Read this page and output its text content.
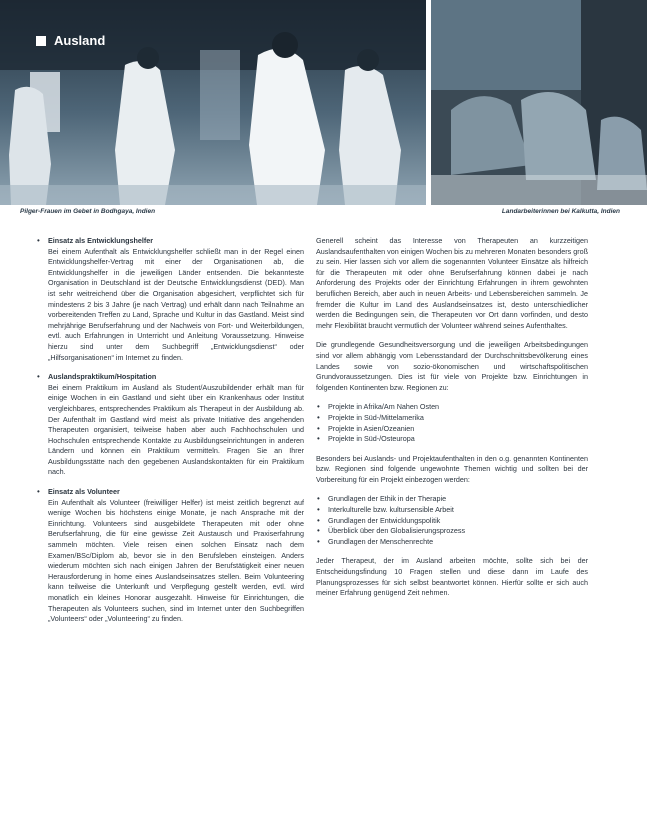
Ausland
Pilger-Frauen im Gebet in Bodhgaya, Indien	Landarbeiterinnen bei Kalkutta, Indien
• Einsatz als Entwicklungshelfer
Bei einem Aufenthalt als Entwicklungshelfer schließt man in der Regel einen Entwicklungshelfer-Vertrag mit einer der Organisationen ab, die Entwicklungshelfer in die jeweiligen Länder entsenden. Die bekannteste Organisation in Deutschland ist der Deutsche Entwicklungsdienst (DED). Man ist sehr weitreichend über die Organisation abgesichert, verpflichtet sich für mindestens 2 bis 3 Jahre (je nach Vertrag) und erhält dann nach Teilnahme an vorbereitenden Treffen zu Land, Sprache und Kultur in das Gastland. Meist sind mehrjährige Berufserfahrung und der Nachweis von Fort- und Weiterbildungen, evtl. auch Erfahrungen in Unterricht und Anleitung Voraussetzung. Hinweise hierzu sind unter dem Suchbegriff „Entwicklungsdienst“ oder „Hilfsorganisationen“ im Internet zu finden.
• Auslandspraktikum/Hospitation
Bei einem Praktikum im Ausland als Student/Auszubildender erhält man für einige Wochen in ein Gastland und sieht über ein Krankenhaus oder Institut vergleichbares, entsprechendes Praktikum als Therapeut in der Ausbildung ab. Der Aufenthalt im Gastland wird meist als private Initiative des angehenden Therapeuten organisiert, teilweise haben aber auch Fachhochschulen und Hochschulen entsprechende Kontakte zu Ausbildungseinrichtungen in anderen Ländern und können ein Praktikum vermitteln. Fragen Sie an Ihrer Ausbildungsstätte nach den gegebenen Auslandskontakten für ein Praktikum nach.
• Einsatz als Volunteer
Ein Aufenthalt als Volunteer (freiwilliger Helfer) ist meist zeitlich begrenzt auf wenige Wochen bis höchstens einige Monate, je nach Ansprache mit der Einrichtung. Volunteers sind ausgebildete Therapeuten mit oder ohne Berufserfahrung, die für eine gewisse Zeit Austausch und Praxiserfahrung sammeln möchten. Viele reisen einen solchen Einsatz nach dem Examen/BSc/Diplom ab, bevor sie in den Berufsleben einsteigen. Anders wiederum möchten sich nach einigen Jahren der Berufstätigkeit einer neuen Herausforderung in home eines Auslandseinsatzes stellen. Beim Volunteering kann teilweise die Unterkunft und Verpflegung gestellt werden, evtl. wird monatlich ein kleines Honorar ausgezahlt. Hinweise für Einrichtungen, die Therapeuten als Volunteers suchen, sind im Internet unter den Suchbegriffen „Volunteers“ oder „Volunteering“ zu finden.

Generell scheint das Interesse von Therapeuten an kurzzeitigen Auslandsaufenthalten von einigen Wochen bis zu mehreren Monaten besonders groß zu sein. Hier lassen sich vor allem die sogenannten Volunteer Einsätze als hilfreich für die Therapeuten mit oder ohne Berufserfahrung können dabei je nach Anforderung des Projekts oder der Einrichtung Erfahrungen in ihrem gewohnten beruflichen Bereich, aber auch in neuen Arbeits- und Lebensbereichen sammeln. Je fremder die Kultur im Land des Auslandseinsatzes ist, desto unterschiedlicher werden die Bedingungen sein, die Therapeuten vor Ort dann vorfinden, und desto mehr Flexibilität braucht vermutlich der Volunteer während seines Aufenthaltes.

Die grundlegende Gesundheitsversorgung und die jeweiligen Arbeitsbedingungen sind vor allem abhängig vom Lebensstandard der Durchschnittsbevölkerung eines Landes sowie von sozio-ökonomischen und wirtschaftspolitischen Grundvoraussetzungen. Dies ist für viele von Projekte bzw. Einrichtungen in folgenden Kontinenten bzw. Regionen zu:

• Projekte in Afrika/Am Nahen Osten
• Projekte in Süd-/Mittelamerika
• Projekte in Asien/Ozeanien
• Projekte in Süd-/Osteuropa

Besonders bei Auslands- und Projektaufenthalten in den o.g. genannten Kontinenten bzw. Regionen sind folgende ungewohnte Themen wichtig und sollten bei der Vorbereitung für ein Projekt einbezogen werden:

• Grundlagen der Ethik in der Therapie
• Interkulturelle bzw. kultursensible Arbeit
• Grundlagen der Entwicklungspolitik
• Überblick über den Globalisierungsprozess
• Grundlagen der Menschenrechte

Jeder Therapeut, der im Ausland arbeiten möchte, sollte sich bei der Entscheidungsfindung 10 Fragen stellen und diese dann im Laufe des Planungsprozesses für sich selbst beantwortet können. Hierfür sollte er sich auch meiner Erfahrung genügend Zeit nehmen.
